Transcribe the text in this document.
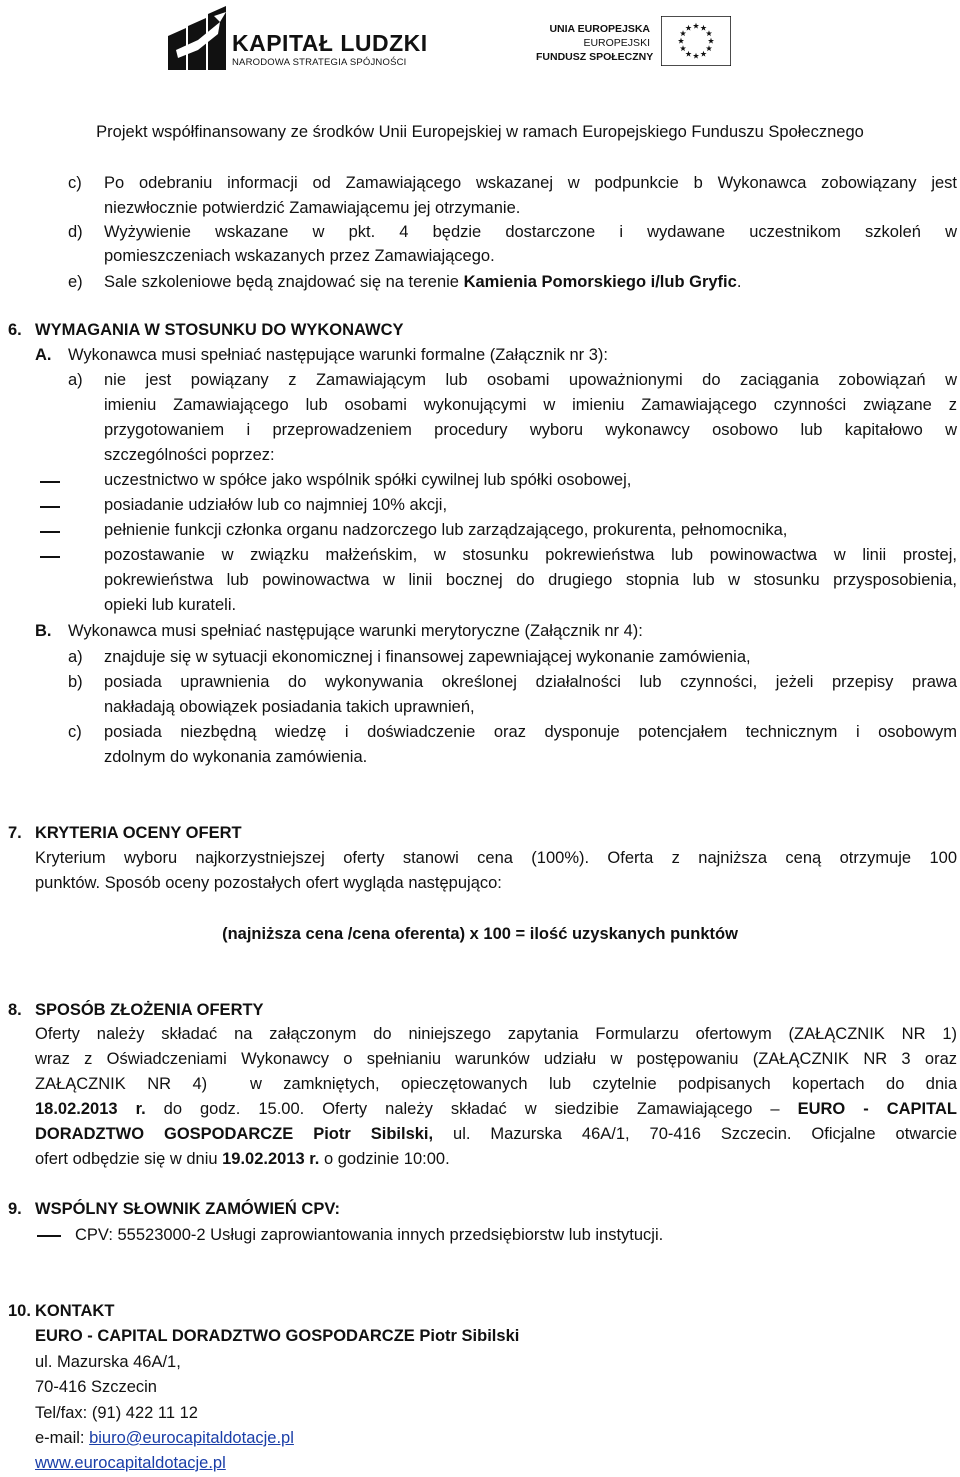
KAPITAŁ LUDZKI
NARODOWA STRATEGIA SPÓJNOŚCI
UNIA EUROPEJSKA
EUROPEJSKI
FUNDUSZ SPOŁECZNY
Projekt współfinansowany ze środków Unii Europejskiej w ramach Europejskiego Funduszu Społecznego
c) Po odebraniu informacji od Zamawiającego wskazanej w podpunkcie b Wykonawca zobowiązany jest
niezwłocznie potwierdzić Zamawiającemu jej otrzymanie.
d) Wyżywienie wskazane w pkt. 4 będzie dostarczone i wydawane uczestnikom szkoleń w
pomieszczeniach wskazanych przez Zamawiającego.
e) Sale szkoleniowe będą znajdować się na terenie Kamienia Pomorskiego i/lub Gryfic.
6. WYMAGANIA W STOSUNKU DO WYKONAWCY
A. Wykonawca musi spełniać następujące warunki formalne (Załącznik nr 3):
a) nie jest powiązany z Zamawiającym lub osobami upoważnionymi do zaciągania zobowiązań w
imieniu Zamawiającego lub osobami wykonującymi w imieniu Zamawiającego czynności związane z
przygotowaniem i przeprowadzeniem procedury wyboru wykonawcy osobowo lub kapitałowo w
szczególności poprzez:
uczestnictwo w spółce jako wspólnik spółki cywilnej lub spółki osobowej,
posiadanie udziałów lub co najmniej 10% akcji,
pełnienie funkcji członka organu nadzorczego lub zarządzającego, prokurenta, pełnomocnika,
pozostawanie w związku małżeńskim, w stosunku pokrewieństwa lub powinowactwa w linii prostej,
pokrewieństwa lub powinowactwa w linii bocznej do drugiego stopnia lub w stosunku przysposobienia,
opieki lub kurateli.
B. Wykonawca musi spełniać następujące warunki merytoryczne (Załącznik nr 4):
a) znajduje się w sytuacji ekonomicznej i finansowej zapewniającej wykonanie zamówienia,
b) posiada uprawnienia do wykonywania określonej działalności lub czynności, jeżeli przepisy prawa
nakładają obowiązek posiadania takich uprawnień,
c) posiada niezbędną wiedzę i doświadczenie oraz dysponuje potencjałem technicznym i osobowym
zdolnym do wykonania zamówienia.
7. KRYTERIA OCENY OFERT
Kryterium wyboru najkorzystniejszej oferty stanowi cena (100%). Oferta z najniższa ceną otrzymuje 100
punktów. Sposób oceny pozostałych ofert wygląda następująco:
(najniższa cena /cena oferenta) x 100 = ilość uzyskanych punktów
8. SPOSÓB ZŁOŻENIA OFERTY
Oferty należy składać na załączonym do niniejszego zapytania Formularzu ofertowym (ZAŁĄCZNIK NR 1)
wraz z Oświadczeniami Wykonawcy o spełnianiu warunków udziału w postępowaniu (ZAŁĄCZNIK NR 3 oraz
ZAŁĄCZNIK NR 4)  w zamkniętych, opieczętowanych lub czytelnie podpisanych kopertach do dnia
18.02.2013 r. do godz. 15.00. Oferty należy składać w siedzibie Zamawiającego – EURO - CAPITAL
DORADZTWO GOSPODARCZE Piotr Sibilski, ul. Mazurska 46A/1, 70-416 Szczecin. Oficjalne otwarcie
ofert odbędzie się w dniu 19.02.2013 r. o godzinie 10:00.
9. WSPÓLNY SŁOWNIK ZAMÓWIEŃ CPV:
CPV: 55523000-2 Usługi zaprowiantowania innych przedsiębiorstw lub instytucji.
10. KONTAKT
EURO - CAPITAL DORADZTWO GOSPODARCZE Piotr Sibilski
ul. Mazurska 46A/1,
70-416 Szczecin
Tel/fax: (91) 422 11 12
e-mail: biuro@eurocapitaldotacje.pl
www.eurocapitaldotacje.pl
